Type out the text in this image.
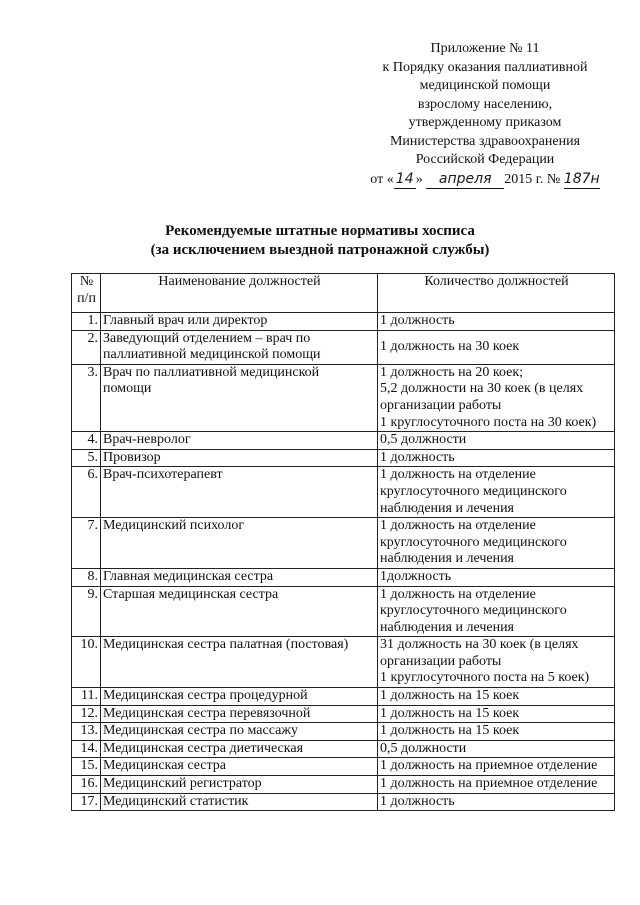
Приложение № 11
к Порядку оказания паллиативной
медицинской помощи
взрослому населению,
утвержденному приказом
Министерства здравоохранения
Российской Федерации
от « 14 » апреля 2015 г. № 187н
Рекомендуемые штатные нормативы хосписа
(за исключением выездной патронажной службы)
№
п/п	Наименование должностей	Количество должностей
1.	Главный врач или директор	1 должность

2.	Заведующий отделением – врач по
паллиативной медицинской помощи	1 должность на 30 коек

3.	Врач по паллиативной медицинской
помощи	1 должность на 20 коек;
5,2 должности на 30 коек (в целях
организации работы
1 круглосуточного поста на 30 коек)

4.	Врач-невролог	0,5 должности

5.	Провизор	1 должность

6.	Врач-психотерапевт	1 должность на отделение
круглосуточного медицинского
наблюдения и лечения

7.	Медицинский психолог	1 должность на отделение
круглосуточного медицинского
наблюдения и лечения

8.	Главная медицинская сестра	1должность

9.	Старшая медицинская сестра	1 должность на отделение
круглосуточного медицинского
наблюдения и лечения

10.	Медицинская сестра палатная (постовая)	31 должность на 30 коек (в целях
организации работы
1 круглосуточного поста на 5 коек)

11.	Медицинская сестра процедурной	1 должность на 15 коек

12.	Медицинская сестра перевязочной	1 должность на 15 коек

13.	Медицинская сестра по массажу	1 должность на 15 коек

14.	Медицинская сестра диетическая	0,5 должности

15.	Медицинская сестра	1 должность на приемное отделение

16.	Медицинский регистратор	1 должность на приемное отделение

17.	Медицинский статистик	1 должность
